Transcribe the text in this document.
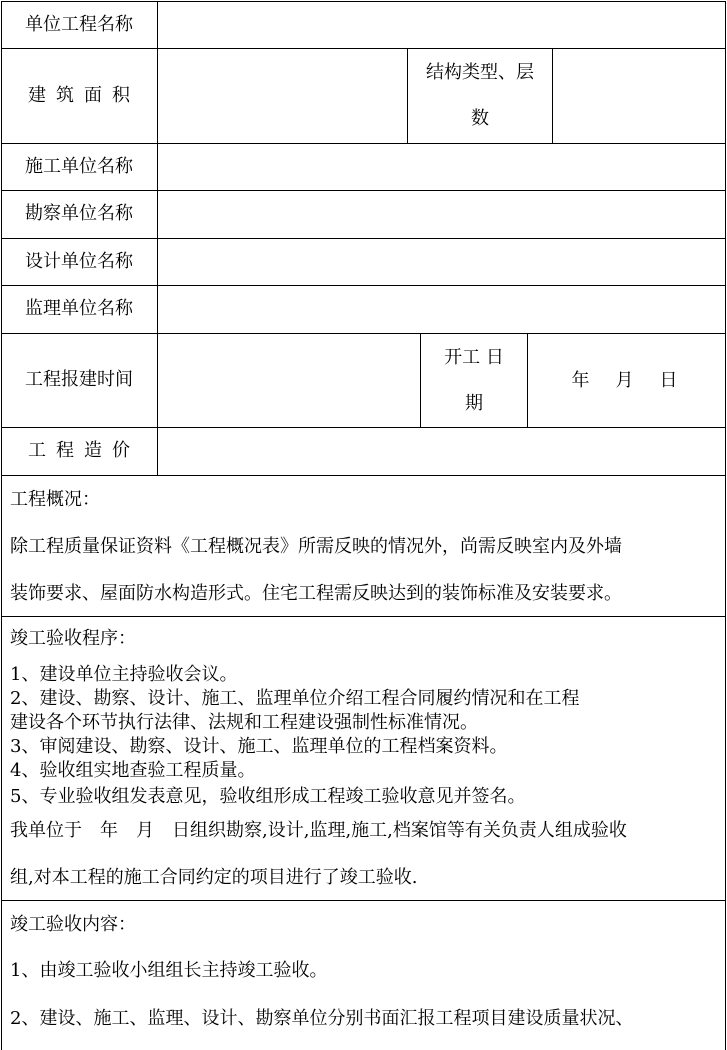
单位工程名称
建筑面积
施工单位名称
勘察单位名称
设计单位名称
监理单位名称
工程报建时间
工程造价
结构类型、层
数
开工 日
期
年　月　日
工程概况：
除工程质量保证资料《工程概况表》所需反映的情况外，尚需反映室内及外墙
装饰要求、屋面防水构造形式。住宅工程需反映达到的装饰标准及安装要求。
竣工验收程序：
1、建设单位主持验收会议。
2、建设、勘察、设计、施工、监理单位介绍工程合同履约情况和在工程
建设各个环节执行法律、法规和工程建设强制性标准情况。
3、审阅建设、勘察、设计、施工、监理单位的工程档案资料。
4、验收组实地查验工程质量。
5、专业验收组发表意见，验收组形成工程竣工验收意见并签名。
我单位于　年　月　日组织勘察,设计,监理,施工,档案馆等有关负责人组成验收
组,对本工程的施工合同约定的项目进行了竣工验收.
竣工验收内容：
1、由竣工验收小组组长主持竣工验收。
2、建设、施工、监理、设计、勘察单位分别书面汇报工程项目建设质量状况、
